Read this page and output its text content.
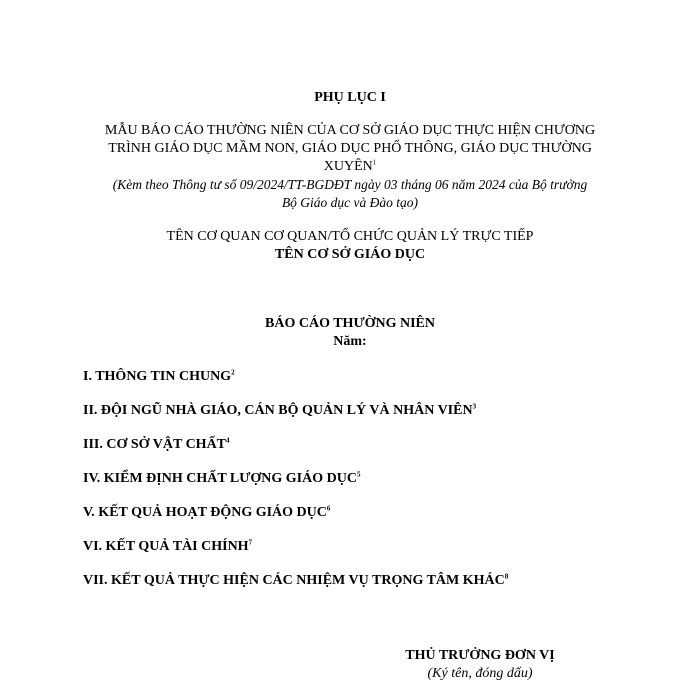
PHỤ LỤC I
MẪU BÁO CÁO THƯỜNG NIÊN CỦA CƠ SỞ GIÁO DỤC THỰC HIỆN CHƯƠNG
TRÌNH GIÁO DỤC MẦM NON, GIÁO DỤC PHỔ THÔNG, GIÁO DỤC THƯỜNG
XUYÊN$^1$
(Kèm theo Thông tư số 09/2024/TT-BGDĐT ngày 03 tháng 06 năm 2024 của Bộ trưởng
Bộ Giáo dục và Đào tạo)
TÊN CƠ QUAN CƠ QUAN/TỔ CHỨC QUẢN LÝ TRỰC TIẾP
TÊN CƠ SỞ GIÁO DỤC
BÁO CÁO THƯỜNG NIÊN
Năm:
I. THÔNG TIN CHUNG$^2$
II. ĐỘI NGŨ NHÀ GIÁO, CÁN BỘ QUẢN LÝ VÀ NHÂN VIÊN$^3$
III. CƠ SỞ VẬT CHẤT$^4$
IV. KIỂM ĐỊNH CHẤT LƯỢNG GIÁO DỤC$^5$
V. KẾT QUẢ HOẠT ĐỘNG GIÁO DỤC$^6$
VI. KẾT QUẢ TÀI CHÍNH$^7$
VII. KẾT QUẢ THỰC HIỆN CÁC NHIỆM VỤ TRỌNG TÂM KHÁC$^8$
THỦ TRƯỞNG ĐƠN VỊ
(Ký tên, đóng dấu)
